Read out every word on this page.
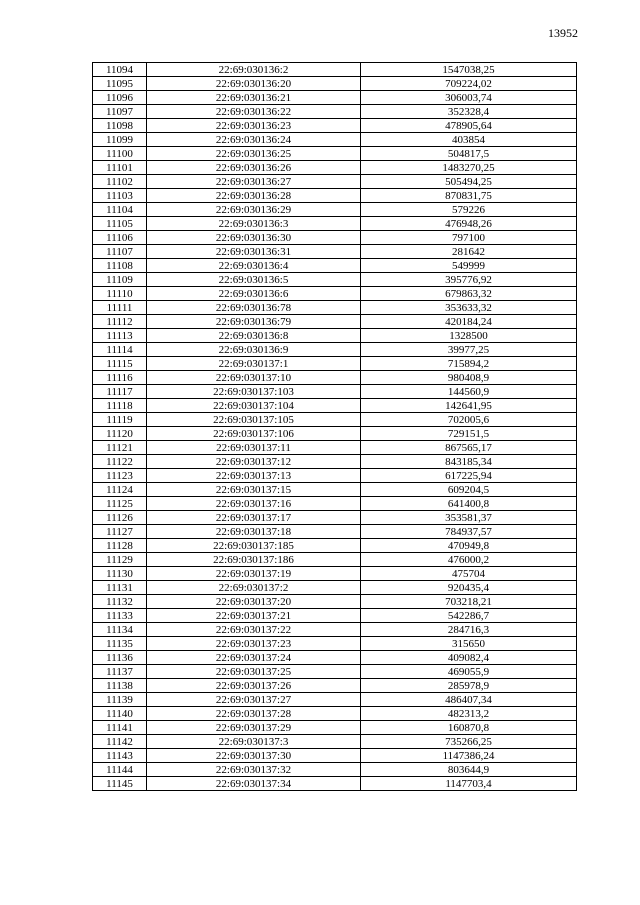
13952
11094	22:69:030136:2	1547038,25
11095	22:69:030136:20	709224,02
11096	22:69:030136:21	306003,74
11097	22:69:030136:22	352328,4
11098	22:69:030136:23	478905,64
11099	22:69:030136:24	403854
11100	22:69:030136:25	504817,5
11101	22:69:030136:26	1483270,25
11102	22:69:030136:27	505494,25
11103	22:69:030136:28	870831,75
11104	22:69:030136:29	579226
11105	22:69:030136:3	476948,26
11106	22:69:030136:30	797100
11107	22:69:030136:31	281642
11108	22:69:030136:4	549999
11109	22:69:030136:5	395776,92
11110	22:69:030136:6	679863,32
11111	22:69:030136:78	353633,32
11112	22:69:030136:79	420184,24
11113	22:69:030136:8	1328500
11114	22:69:030136:9	39977,25
11115	22:69:030137:1	715894,2
11116	22:69:030137:10	980408,9
11117	22:69:030137:103	144560,9
11118	22:69:030137:104	142641,95
11119	22:69:030137:105	702005,6
11120	22:69:030137:106	729151,5
11121	22:69:030137:11	867565,17
11122	22:69:030137:12	843185,34
11123	22:69:030137:13	617225,94
11124	22:69:030137:15	609204,5
11125	22:69:030137:16	641400,8
11126	22:69:030137:17	353581,37
11127	22:69:030137:18	784937,57
11128	22:69:030137:185	470949,8
11129	22:69:030137:186	476000,2
11130	22:69:030137:19	475704
11131	22:69:030137:2	920435,4
11132	22:69:030137:20	703218,21
11133	22:69:030137:21	542286,7
11134	22:69:030137:22	284716,3
11135	22:69:030137:23	315650
11136	22:69:030137:24	409082,4
11137	22:69:030137:25	469055,9
11138	22:69:030137:26	285978,9
11139	22:69:030137:27	486407,34
11140	22:69:030137:28	482313,2
11141	22:69:030137:29	160870,8
11142	22:69:030137:3	735266,25
11143	22:69:030137:30	1147386,24
11144	22:69:030137:32	803644,9
11145	22:69:030137:34	1147703,4
